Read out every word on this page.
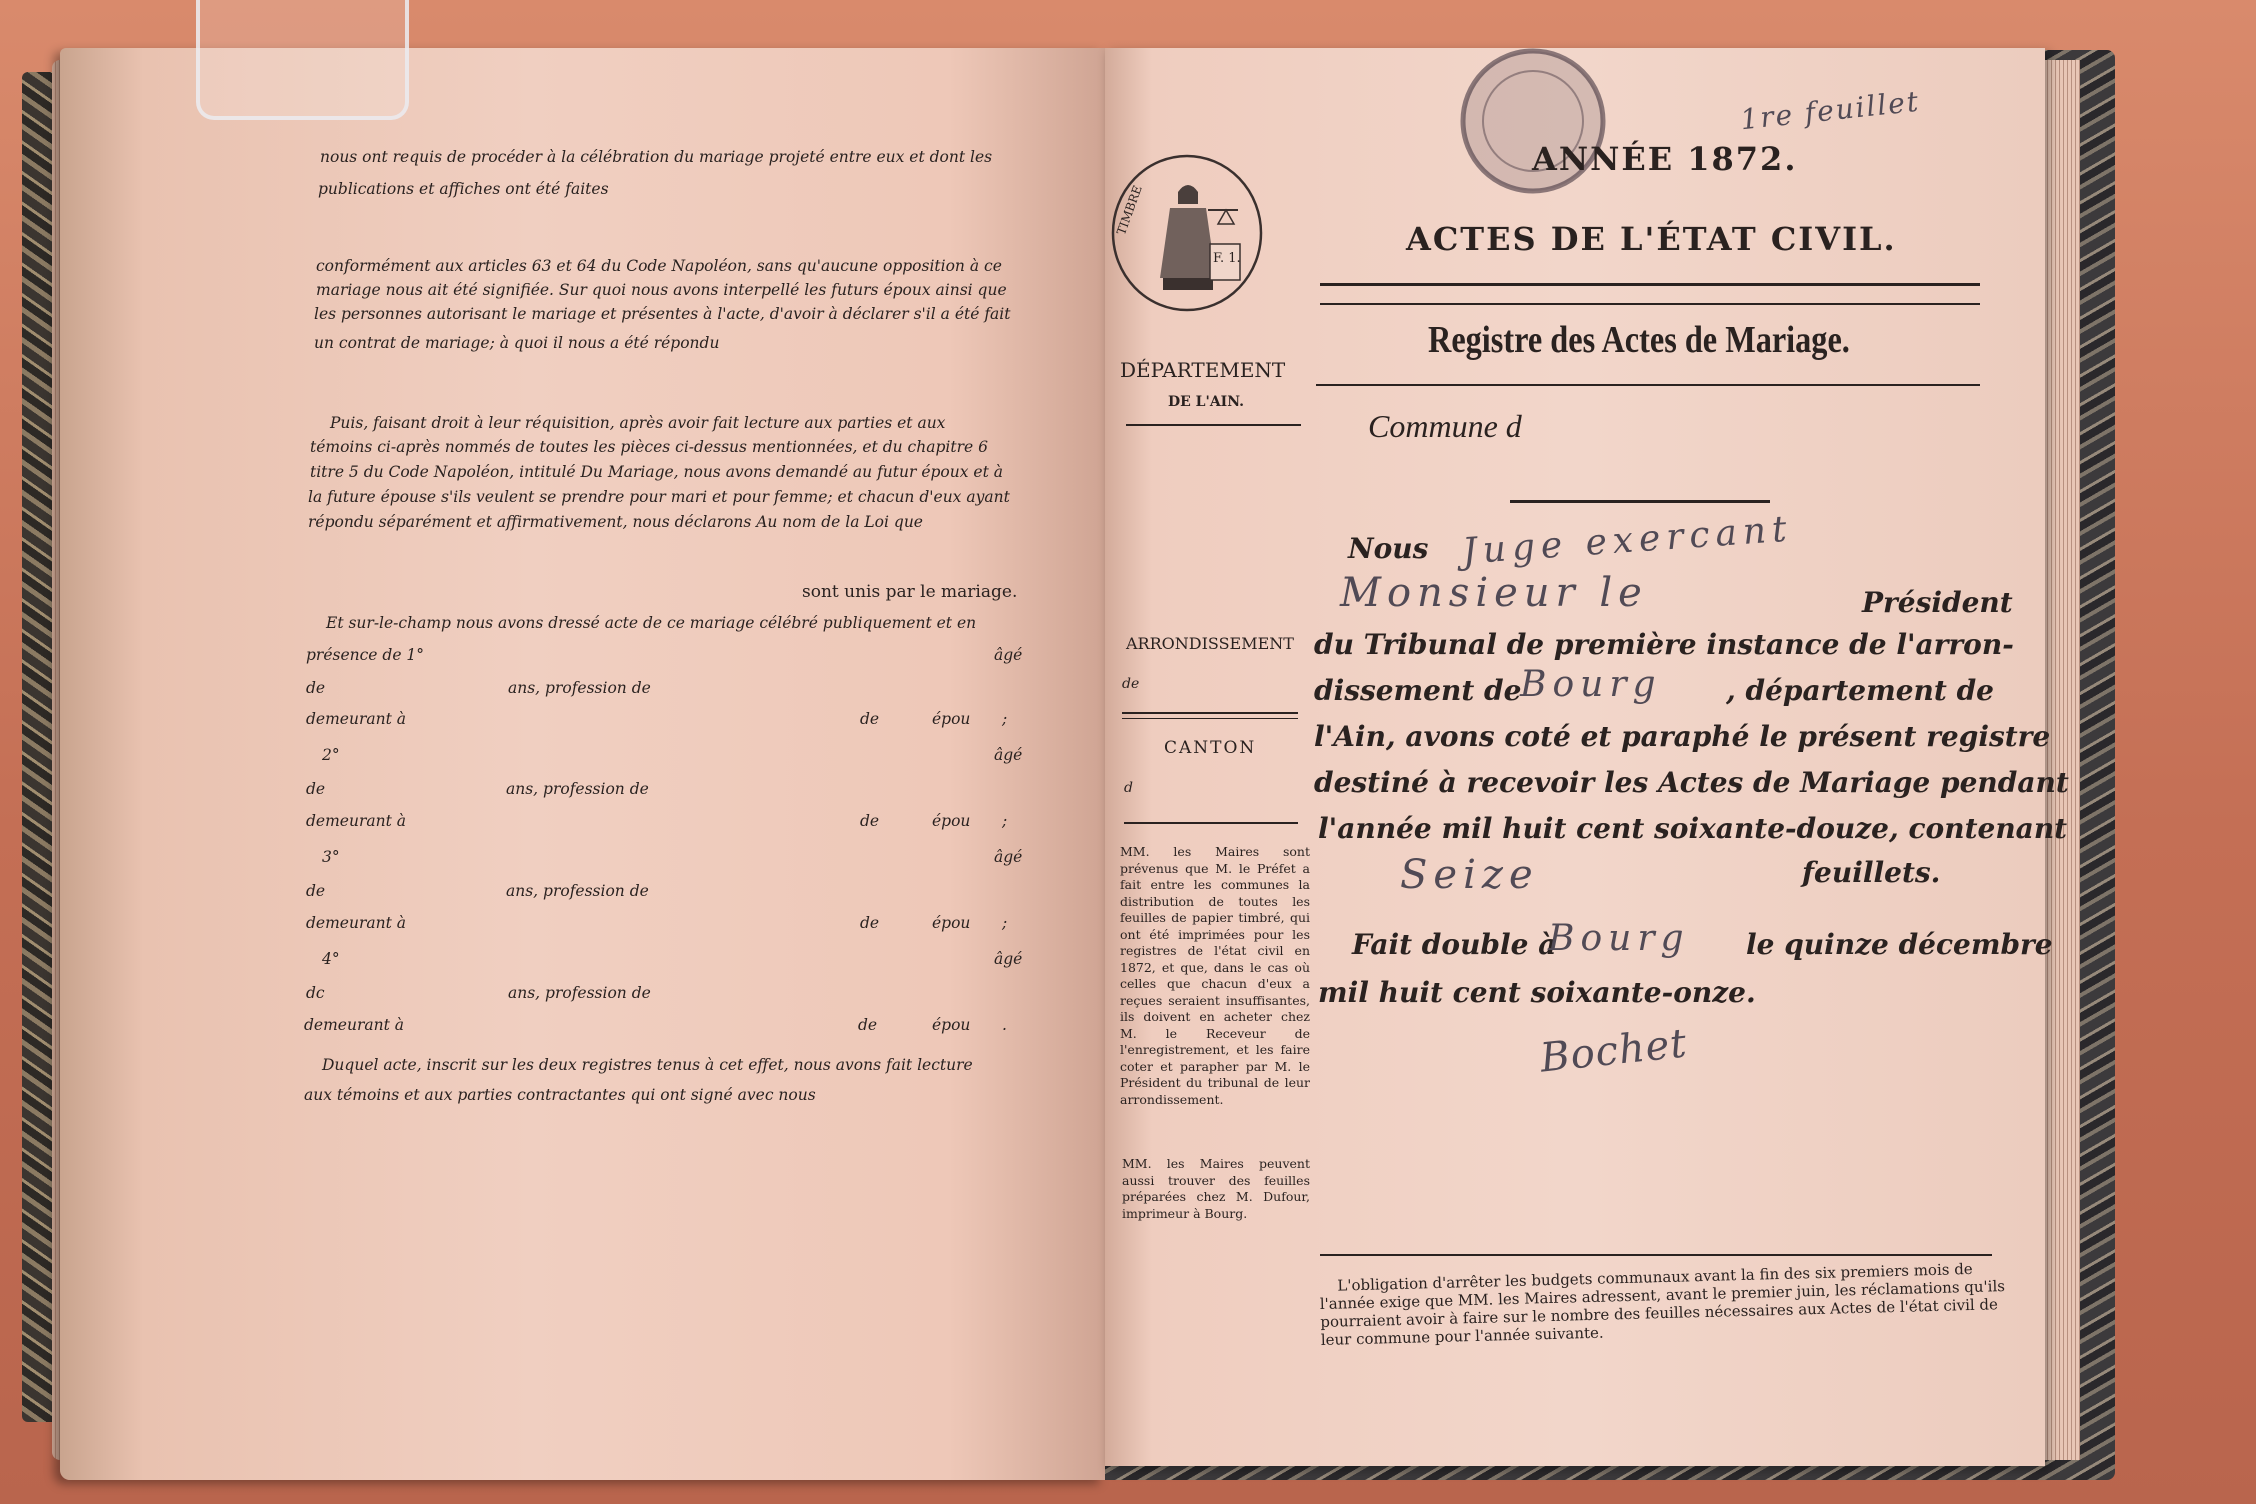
nous ont requis de procéder à la célébration du mariage projeté entre eux et dont les
publications et affiches ont été faites
conformément aux articles 63 et 64 du Code Napoléon, sans qu'aucune opposition à ce
mariage nous ait été signifiée. Sur quoi nous avons interpellé les futurs époux ainsi que
les personnes autorisant le mariage et présentes à l'acte, d'avoir à déclarer s'il a été fait
un contrat de mariage; à quoi il nous a été répondu
Puis, faisant droit à leur réquisition, après avoir fait lecture aux parties et aux
témoins ci-après nommés de toutes les pièces ci-dessus mentionnées, et du chapitre 6
titre 5 du Code Napoléon, intitulé Du Mariage, nous avons demandé au futur époux et à
la future épouse s'ils veulent se prendre pour mari et pour femme; et chacun d'eux ayant
répondu séparément et affirmativement, nous déclarons Au nom de la Loi que
sont unis par le mariage.
Et sur-le-champ nous avons dressé acte de ce mariage célébré publiquement et en
présence de 1°	âgé
de	ans, profession de
demeurant à	de	épou ;
2°	âgé
de	ans, profession de
demeurant à	de	épou ;
3°	âgé
de	ans, profession de
demeurant à	de	épou ;
4°	âgé
dc	ans, profession de
demeurant à	de	épou .
Duquel acte, inscrit sur les deux registres tenus à cet effet, nous avons fait lecture
aux témoins et aux parties contractantes qui ont signé avec nous
TIMBRE
F. 1.
1re feuillet
ANNÉE 1872.
ACTES DE L'ÉTAT CIVIL.
Registre des Actes de Mariage.
Commune d
DÉPARTEMENT
DE L'AIN.
ARRONDISSEMENT
de
CANTON
d
MM. les Maires sont prévenus que M. le Préfet a fait entre les communes la distribution de toutes les feuilles de papier timbré, qui ont été imprimées pour les registres de l'état civil en 1872, et que, dans le cas où celles que chacun d'eux a reçues seraient insuffisantes, ils doivent en acheter chez M. le Receveur de l'enregistrement, et les faire coter et parapher par M. le Président du tribunal de leur arrondissement.
MM. les Maires peuvent aussi trouver des feuilles préparées chez M. Dufour, imprimeur à Bourg.
Nous Juge exercant
Monsieur le	Président
du Tribunal de première instance de l'arron-
dissement de
Bourg , département de
l'Ain, avons coté et paraphé le présent registre
destiné à recevoir les Actes de Mariage pendant
l'année mil huit cent soixante-douze, contenant
Seize	feuillets.
Fait double à
Bourg le quinze décembre
mil huit cent soixante-onze.
Bochet
L'obligation d'arrêter les budgets communaux avant la fin des six premiers mois de l'année exige que MM. les Maires adressent, avant le premier juin, les réclamations qu'ils pourraient avoir à faire sur le nombre des feuilles nécessaires aux Actes de l'état civil de leur commune pour l'année suivante.
